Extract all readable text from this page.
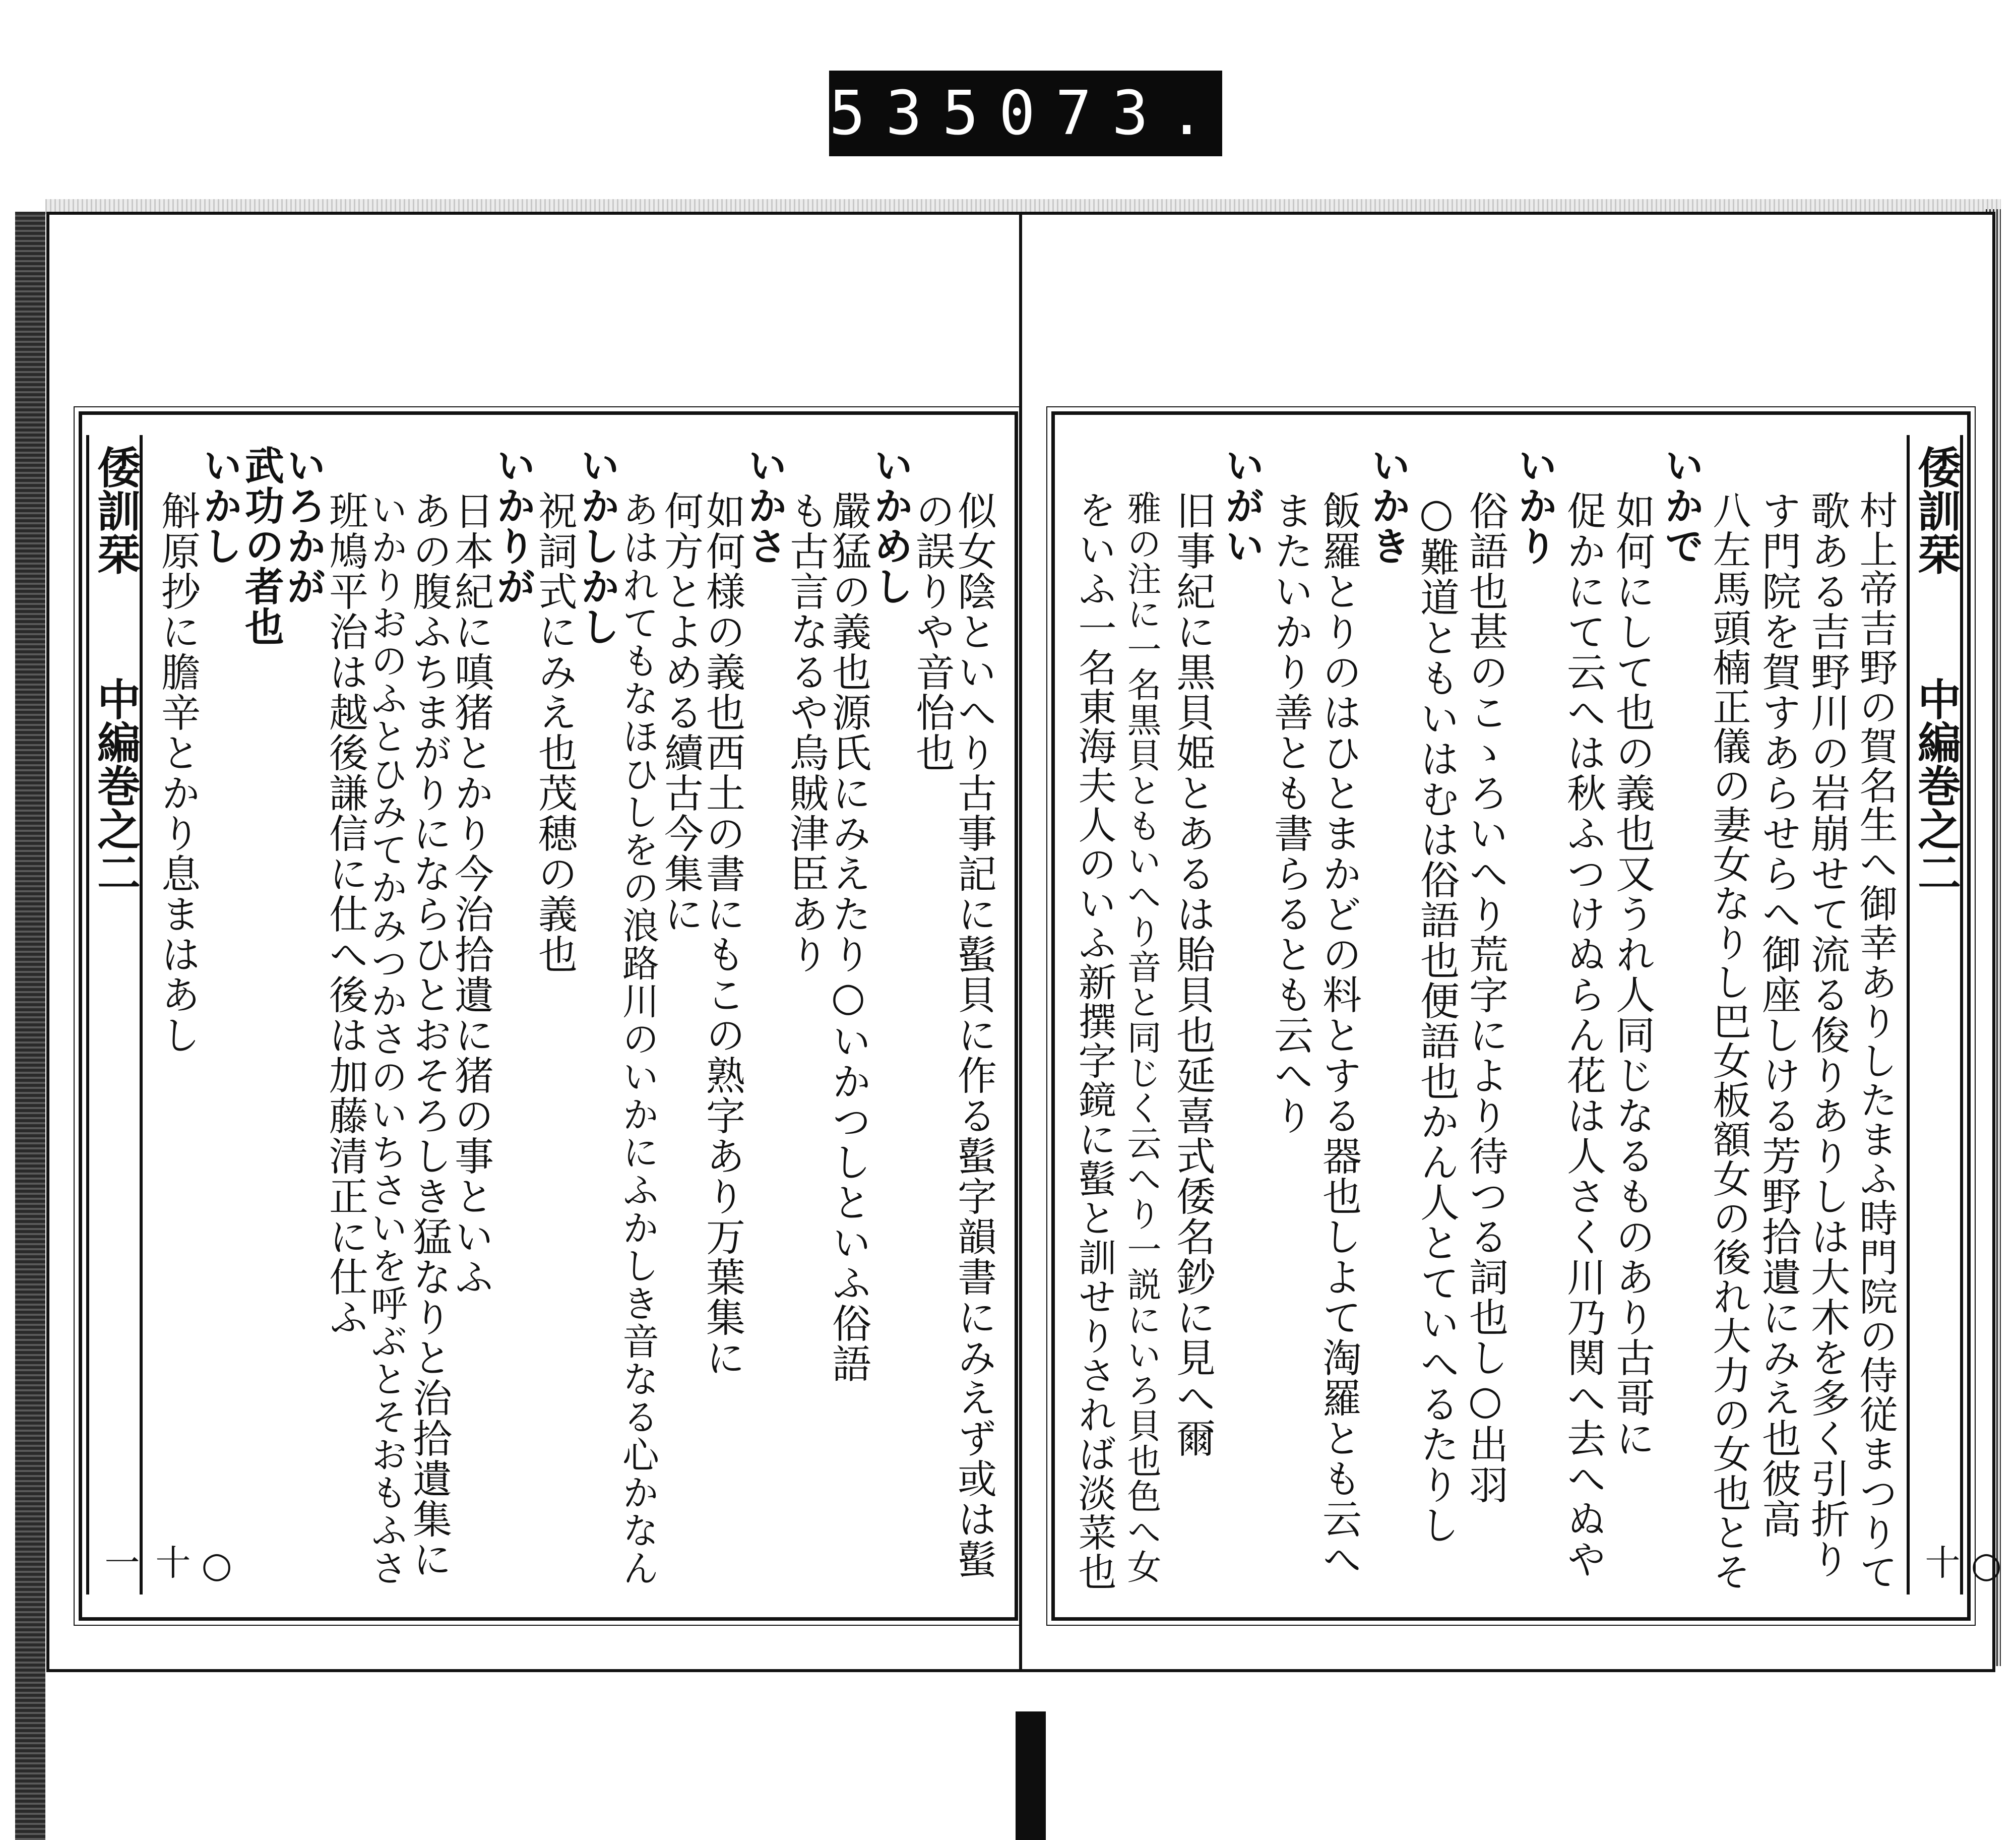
535 073.
倭訓栞
中編巻之二
○十一	似女陰といへり古事記に蟚貝に作る蟚字韻書にみえず或は蟚
の誤りや音怡也
いかめし
嚴猛の義也源氏にみえたり○いかつしといふ俗語
も古言なるや烏賊津臣あり
いかさ
如何様の義也西土の書にもこの熟字あり万葉集に
何方とよめる續古今集に
あはれてもなほひしをの浪路川のいかにふかしき音なる心かなん
いかしかし
祝詞式にみえ也茂穂の義也
いかりが
日本紀に嗔猪とかり今治拾遺に猪の事といふ
あの腹ふちまがりにならひとおそろしき猛なりと治拾遺集に
いかりおのふとひみてかみつかさのいちさいを呼ぶとそおもふさ
班鳩平治は越後謙信に仕へ後は加藤清正に仕ふ
いろかが
武功の者也
いかし
斛原抄に膽辛とかり息まはあし	倭訓栞
中編巻之二
○十
村上帝吉野の賀名生へ御幸ありしたまふ時門院の侍従まつりて
歌ある吉野川の岩崩せて流る俊りありしは大木を多く引折り
す門院を賀すあらせらへ御座しける芳野拾遺にみえ也彼高
八左馬頭楠正儀の妻女なりし巴女板額女の後れ大力の女也とそ
いかで
如何にして也の義也又うれ人同じなるものあり古哥に
促かにて云へは秋ふつけぬらん花は人さく川乃関へ去へぬや
いかり
俗語也甚のこゝろいへり荒字により待つる詞也し○出羽
○難道ともいはむは俗語也便語也かん人とていへるたりし
いかき
飯羅とりのはひとまかどの料とする器也しよて淘羅とも云へ
またいかり善とも書らるとも云へり
いがい
旧事紀に黒貝姫とあるは貽貝也延喜式倭名鈔に見へ爾
雅の注に一名黒貝ともいへり音と同じく云へり一説にいろ貝也色へ女
をいふ一名東海夫人のいふ新撰字鏡に蟚と訓せりされば淡菜也
